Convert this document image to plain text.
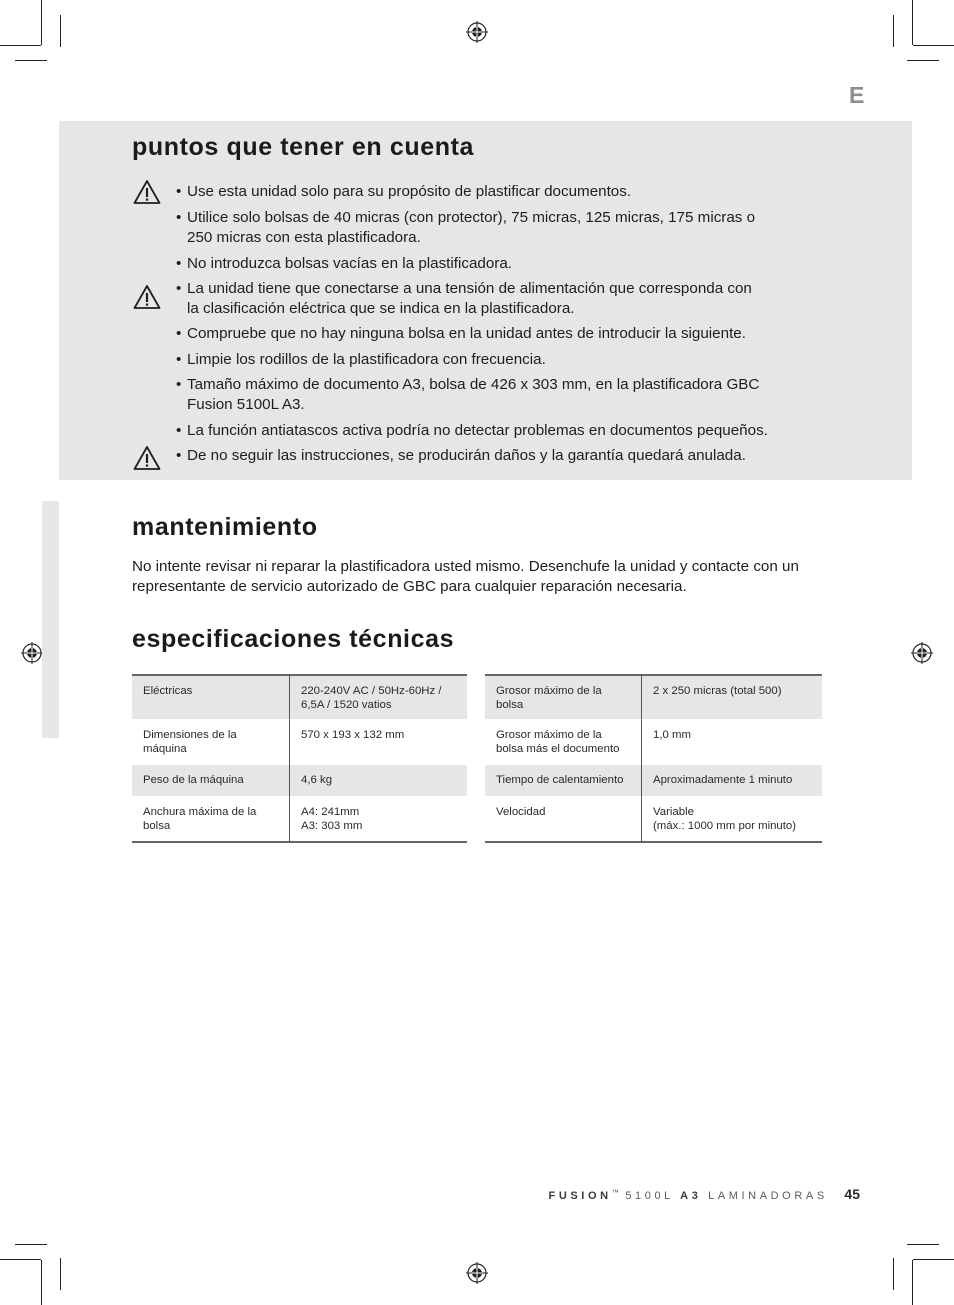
E
puntos que tener en cuenta
• Use esta unidad solo para su propósito de plastificar documentos.
• Utilice solo bolsas de 40 micras (con protector), 75 micras, 125 micras, 175 micras o
250 micras con esta plastificadora.
• No introduzca bolsas vacías en la plastificadora.
• La unidad tiene que conectarse a una tensión de alimentación que corresponda con
la clasificación eléctrica que se indica en la plastificadora.
• Compruebe que no hay ninguna bolsa en la unidad antes de introducir la siguiente.
• Limpie los rodillos de la plastificadora con frecuencia.
• Tamaño máximo de documento A3, bolsa de 426 x 303 mm, en la plastificadora GBC
Fusion 5100L A3.
• La función antiatascos activa podría no detectar problemas en documentos pequeños.
• De no seguir las instrucciones, se producirán daños y la garantía quedará anulada.
mantenimiento
No intente revisar ni reparar la plastificadora usted mismo. Desenchufe la unidad y contacte con un
representante de servicio autorizado de GBC para cualquier reparación necesaria.
especificaciones técnicas
Eléctricas	220-240V AC / 50Hz-60Hz /
6,5A / 1520 vatios

Dimensiones de la
máquina	570 x 193 x 132 mm

Peso de la máquina	4,6 kg

Anchura máxima de la
bolsa	A4: 241mm
A3: 303 mm
Grosor máximo de la
bolsa	2 x 250 micras (total 500)

Grosor máximo de la
bolsa más el documento	1,0 mm

Tiempo de calentamiento	Aproximadamente 1 minuto

Velocidad	Variable
(máx.: 1000 mm por minuto)
FUSION™ 5100L A3 LAMINADORAS 45
